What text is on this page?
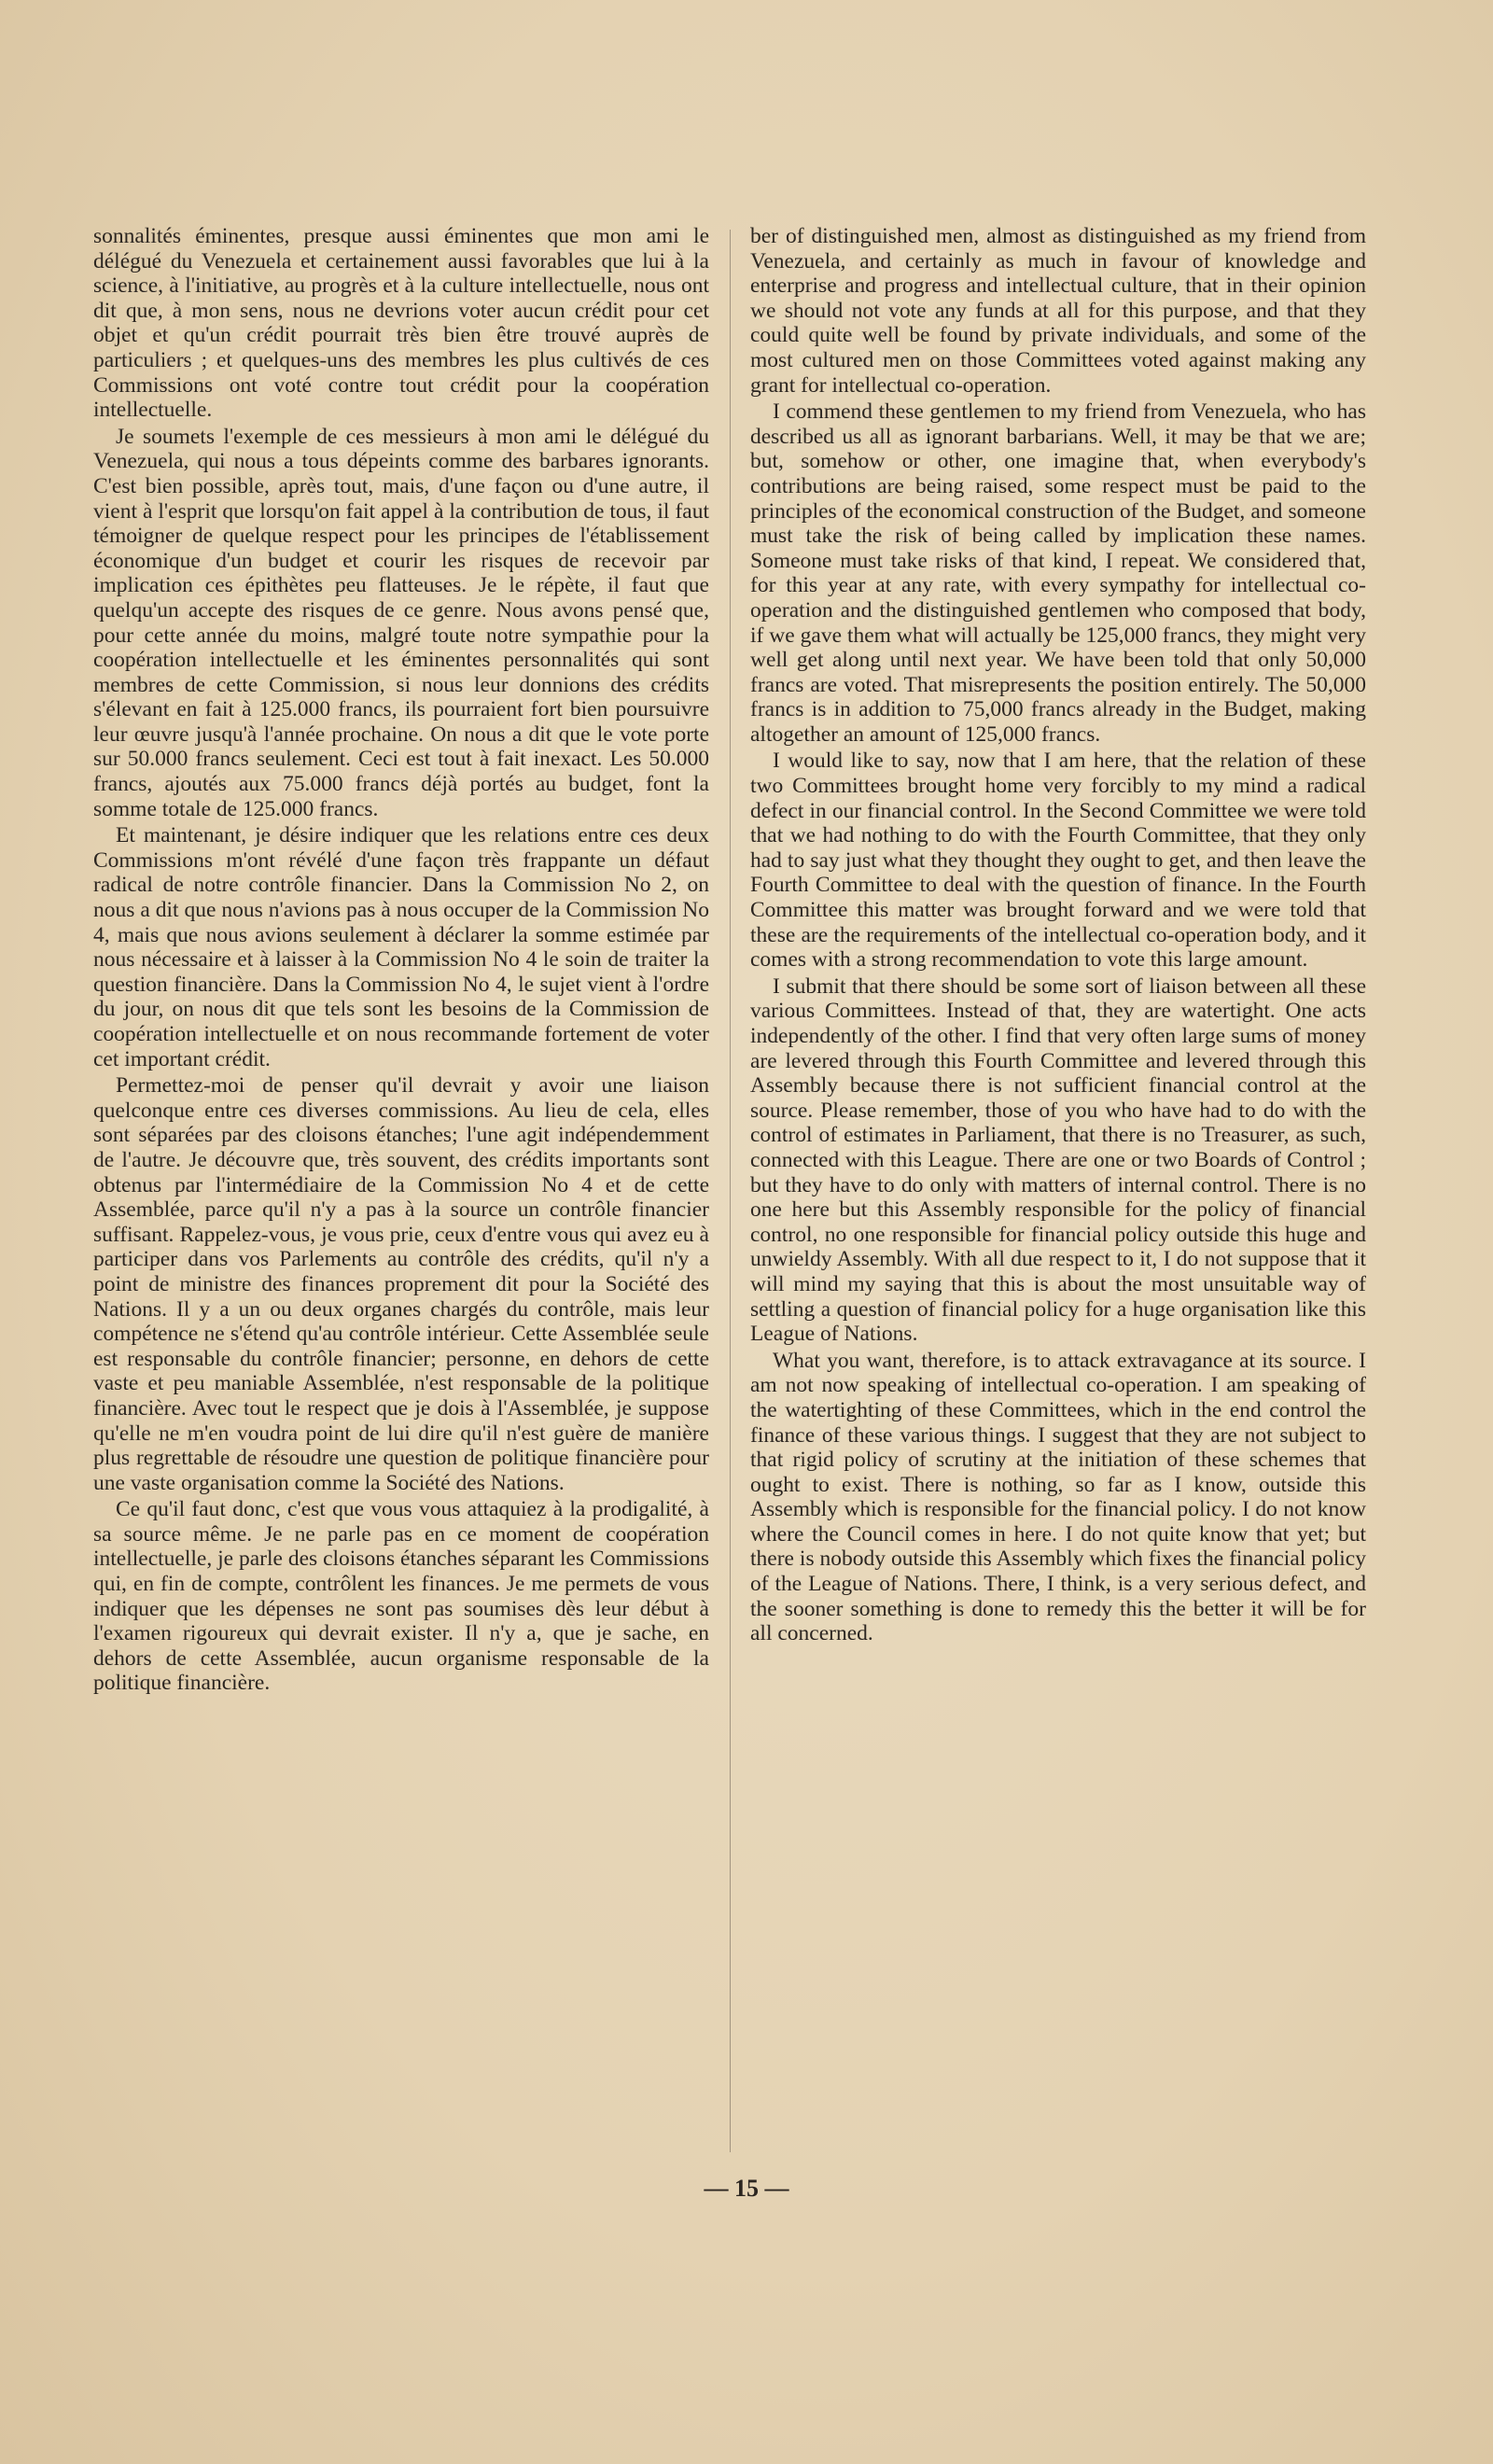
sonnalités éminentes, presque aussi éminentes que mon ami le délégué du Venezuela et certainement aussi favorables que lui à la science, à l'initiative, au progrès et à la culture intellectuelle, nous ont dit que, à mon sens, nous ne devrions voter aucun crédit pour cet objet et qu'un crédit pourrait très bien être trouvé auprès de particuliers ; et quelques-uns des membres les plus cultivés de ces Commissions ont voté contre tout crédit pour la coopération intellectuelle.

Je soumets l'exemple de ces messieurs à mon ami le délégué du Venezuela, qui nous a tous dépeints comme des barbares ignorants. C'est bien possible, après tout, mais, d'une façon ou d'une autre, il vient à l'esprit que lorsqu'on fait appel à la contribution de tous, il faut témoigner de quelque respect pour les principes de l'établissement économique d'un budget et courir les risques de recevoir par implication ces épithètes peu flatteuses. Je le répète, il faut que quelqu'un accepte des risques de ce genre. Nous avons pensé que, pour cette année du moins, malgré toute notre sympathie pour la coopération intellectuelle et les éminentes personnalités qui sont membres de cette Commission, si nous leur donnions des crédits s'élevant en fait à 125.000 francs, ils pourraient fort bien poursuivre leur œuvre jusqu'à l'année prochaine. On nous a dit que le vote porte sur 50.000 francs seulement. Ceci est tout à fait inexact. Les 50.000 francs, ajoutés aux 75.000 francs déjà portés au budget, font la somme totale de 125.000 francs.

Et maintenant, je désire indiquer que les relations entre ces deux Commissions m'ont révélé d'une façon très frappante un défaut radical de notre contrôle financier. Dans la Commission No 2, on nous a dit que nous n'avions pas à nous occuper de la Commission No 4, mais que nous avions seulement à déclarer la somme estimée par nous nécessaire et à laisser à la Commission No 4 le soin de traiter la question financière. Dans la Commission No 4, le sujet vient à l'ordre du jour, on nous dit que tels sont les besoins de la Commission de coopération intellectuelle et on nous recommande fortement de voter cet important crédit.

Permettez-moi de penser qu'il devrait y avoir une liaison quelconque entre ces diverses commissions. Au lieu de cela, elles sont séparées par des cloisons étanches; l'une agit indépendemment de l'autre. Je découvre que, très souvent, des crédits importants sont obtenus par l'intermédiaire de la Commission No 4 et de cette Assemblée, parce qu'il n'y a pas à la source un contrôle financier suffisant. Rappelez-vous, je vous prie, ceux d'entre vous qui avez eu à participer dans vos Parlements au contrôle des crédits, qu'il n'y a point de ministre des finances proprement dit pour la Société des Nations. Il y a un ou deux organes chargés du contrôle, mais leur compétence ne s'étend qu'au contrôle intérieur. Cette Assemblée seule est responsable du contrôle financier; personne, en dehors de cette vaste et peu maniable Assemblée, n'est responsable de la politique financière. Avec tout le respect que je dois à l'Assemblée, je suppose qu'elle ne m'en voudra point de lui dire qu'il n'est guère de manière plus regrettable de résoudre une question de politique financière pour une vaste organisation comme la Société des Nations.

Ce qu'il faut donc, c'est que vous vous attaquiez à la prodigalité, à sa source même. Je ne parle pas en ce moment de coopération intellectuelle, je parle des cloisons étanches séparant les Commissions qui, en fin de compte, contrôlent les finances. Je me permets de vous indiquer que les dépenses ne sont pas soumises dès leur début à l'examen rigoureux qui devrait exister. Il n'y a, que je sache, en dehors de cette Assemblée, aucun organisme responsable de la politique financière.

ber of distinguished men, almost as distinguished as my friend from Venezuela, and certainly as much in favour of knowledge and enterprise and progress and intellectual culture, that in their opinion we should not vote any funds at all for this purpose, and that they could quite well be found by private individuals, and some of the most cultured men on those Committees voted against making any grant for intellectual co-operation.

I commend these gentlemen to my friend from Venezuela, who has described us all as ignorant barbarians. Well, it may be that we are; but, somehow or other, one imagine that, when everybody's contributions are being raised, some respect must be paid to the principles of the economical construction of the Budget, and someone must take the risk of being called by implication these names. Someone must take risks of that kind, I repeat. We considered that, for this year at any rate, with every sympathy for intellectual co-operation and the distinguished gentlemen who composed that body, if we gave them what will actually be 125,000 francs, they might very well get along until next year. We have been told that only 50,000 francs are voted. That misrepresents the position entirely. The 50,000 francs is in addition to 75,000 francs already in the Budget, making altogether an amount of 125,000 francs.

I would like to say, now that I am here, that the relation of these two Committees brought home very forcibly to my mind a radical defect in our financial control. In the Second Committee we were told that we had nothing to do with the Fourth Committee, that they only had to say just what they thought they ought to get, and then leave the Fourth Committee to deal with the question of finance. In the Fourth Committee this matter was brought forward and we were told that these are the requirements of the intellectual co-operation body, and it comes with a strong recommendation to vote this large amount.

I submit that there should be some sort of liaison between all these various Committees. Instead of that, they are watertight. One acts independently of the other. I find that very often large sums of money are levered through this Fourth Committee and levered through this Assembly because there is not sufficient financial control at the source. Please remember, those of you who have had to do with the control of estimates in Parliament, that there is no Treasurer, as such, connected with this League. There are one or two Boards of Control ; but they have to do only with matters of internal control. There is no one here but this Assembly responsible for the policy of financial control, no one responsible for financial policy outside this huge and unwieldy Assembly. With all due respect to it, I do not suppose that it will mind my saying that this is about the most unsuitable way of settling a question of financial policy for a huge organisation like this League of Nations.

What you want, therefore, is to attack extravagance at its source. I am not now speaking of intellectual co-operation. I am speaking of the watertighting of these Committees, which in the end control the finance of these various things. I suggest that they are not subject to that rigid policy of scrutiny at the initiation of these schemes that ought to exist. There is nothing, so far as I know, outside this Assembly which is responsible for the financial policy. I do not know where the Council comes in here. I do not quite know that yet; but there is nobody outside this Assembly which fixes the financial policy of the League of Nations. There, I think, is a very serious defect, and the sooner something is done to remedy this the better it will be for all concerned.

— 15 —
